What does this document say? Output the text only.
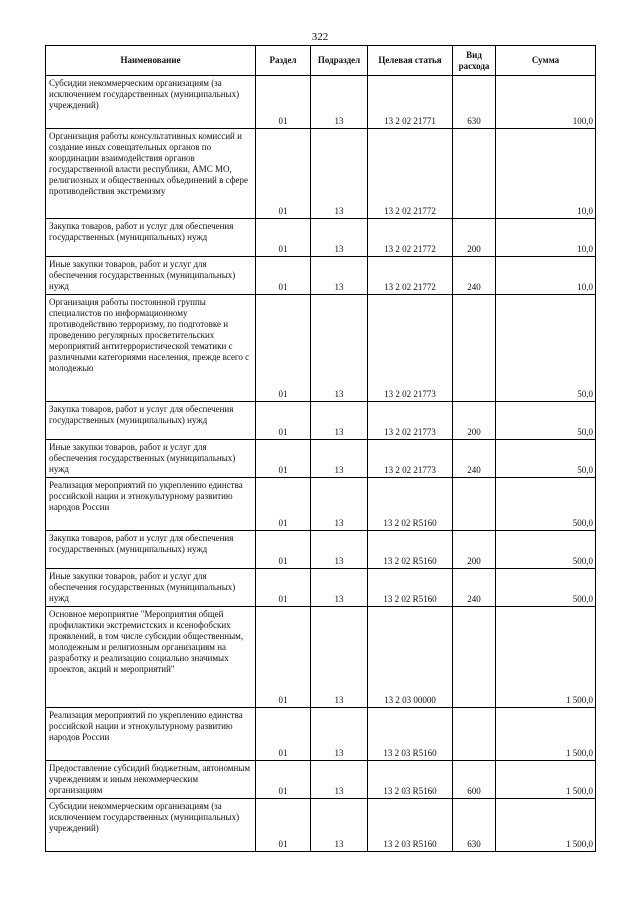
322
Наименование	Раздел	Подраздел	Целевая статья	Вид расхода	Сумма
Субсидии некоммерческим организациям (за исключением государственных (муниципальных) учреждений)	01	13	13 2 02 21771	630	100,0
Организация работы консультативных комиссий и создание иных совещательных органов по координации взаимодействия органов государственной власти республики, АМС МО, религиозных и общественных объединений в сфере противодействия экстремизму	01	13	13 2 02 21772		10,0
Закупка товаров, работ и услуг для обеспечения государственных (муниципальных) нужд	01	13	13 2 02 21772	200	10,0
Иные закупки товаров, работ и услуг для обеспечения государственных (муниципальных) нужд	01	13	13 2 02 21772	240	10,0
Организация работы постоянной группы специалистов по информационному противодействию терроризму, по подготовке и проведению регулярных просветительских мероприятий антитеррористической тематики с различными категориями населения, прежде всего с молодежью	01	13	13 2 02 21773		50,0
Закупка товаров, работ и услуг для обеспечения государственных (муниципальных) нужд	01	13	13 2 02 21773	200	50,0
Иные закупки товаров, работ и услуг для обеспечения государственных (муниципальных) нужд	01	13	13 2 02 21773	240	50,0
Реализация мероприятий по укреплению единства российской нации и этнокультурному развитию народов России	01	13	13 2 02 R5160		500,0
Закупка товаров, работ и услуг для обеспечения государственных (муниципальных) нужд	01	13	13 2 02 R5160	200	500,0
Иные закупки товаров, работ и услуг для обеспечения государственных (муниципальных) нужд	01	13	13 2 02 R5160	240	500,0
Основное мероприятие "Мероприятия общей профилактики экстремистских и ксенофобских проявлений, в том числе субсидии общественным, молодежным и религиозным организациям на разработку и реализацию социально значимых проектов, акций и мероприятий"	01	13	13 2 03 00000		1 500,0
Реализация мероприятий по укреплению единства российской нации и этнокультурному развитию народов России	01	13	13 2 03 R5160		1 500,0
Предоставление субсидий бюджетным, автономным учреждениям и иным некоммерческим организациям	01	13	13 2 03 R5160	600	1 500,0
Субсидии некоммерческим организациям (за исключением государственных (муниципальных) учреждений)	01	13	13 2 03 R5160	630	1 500,0
